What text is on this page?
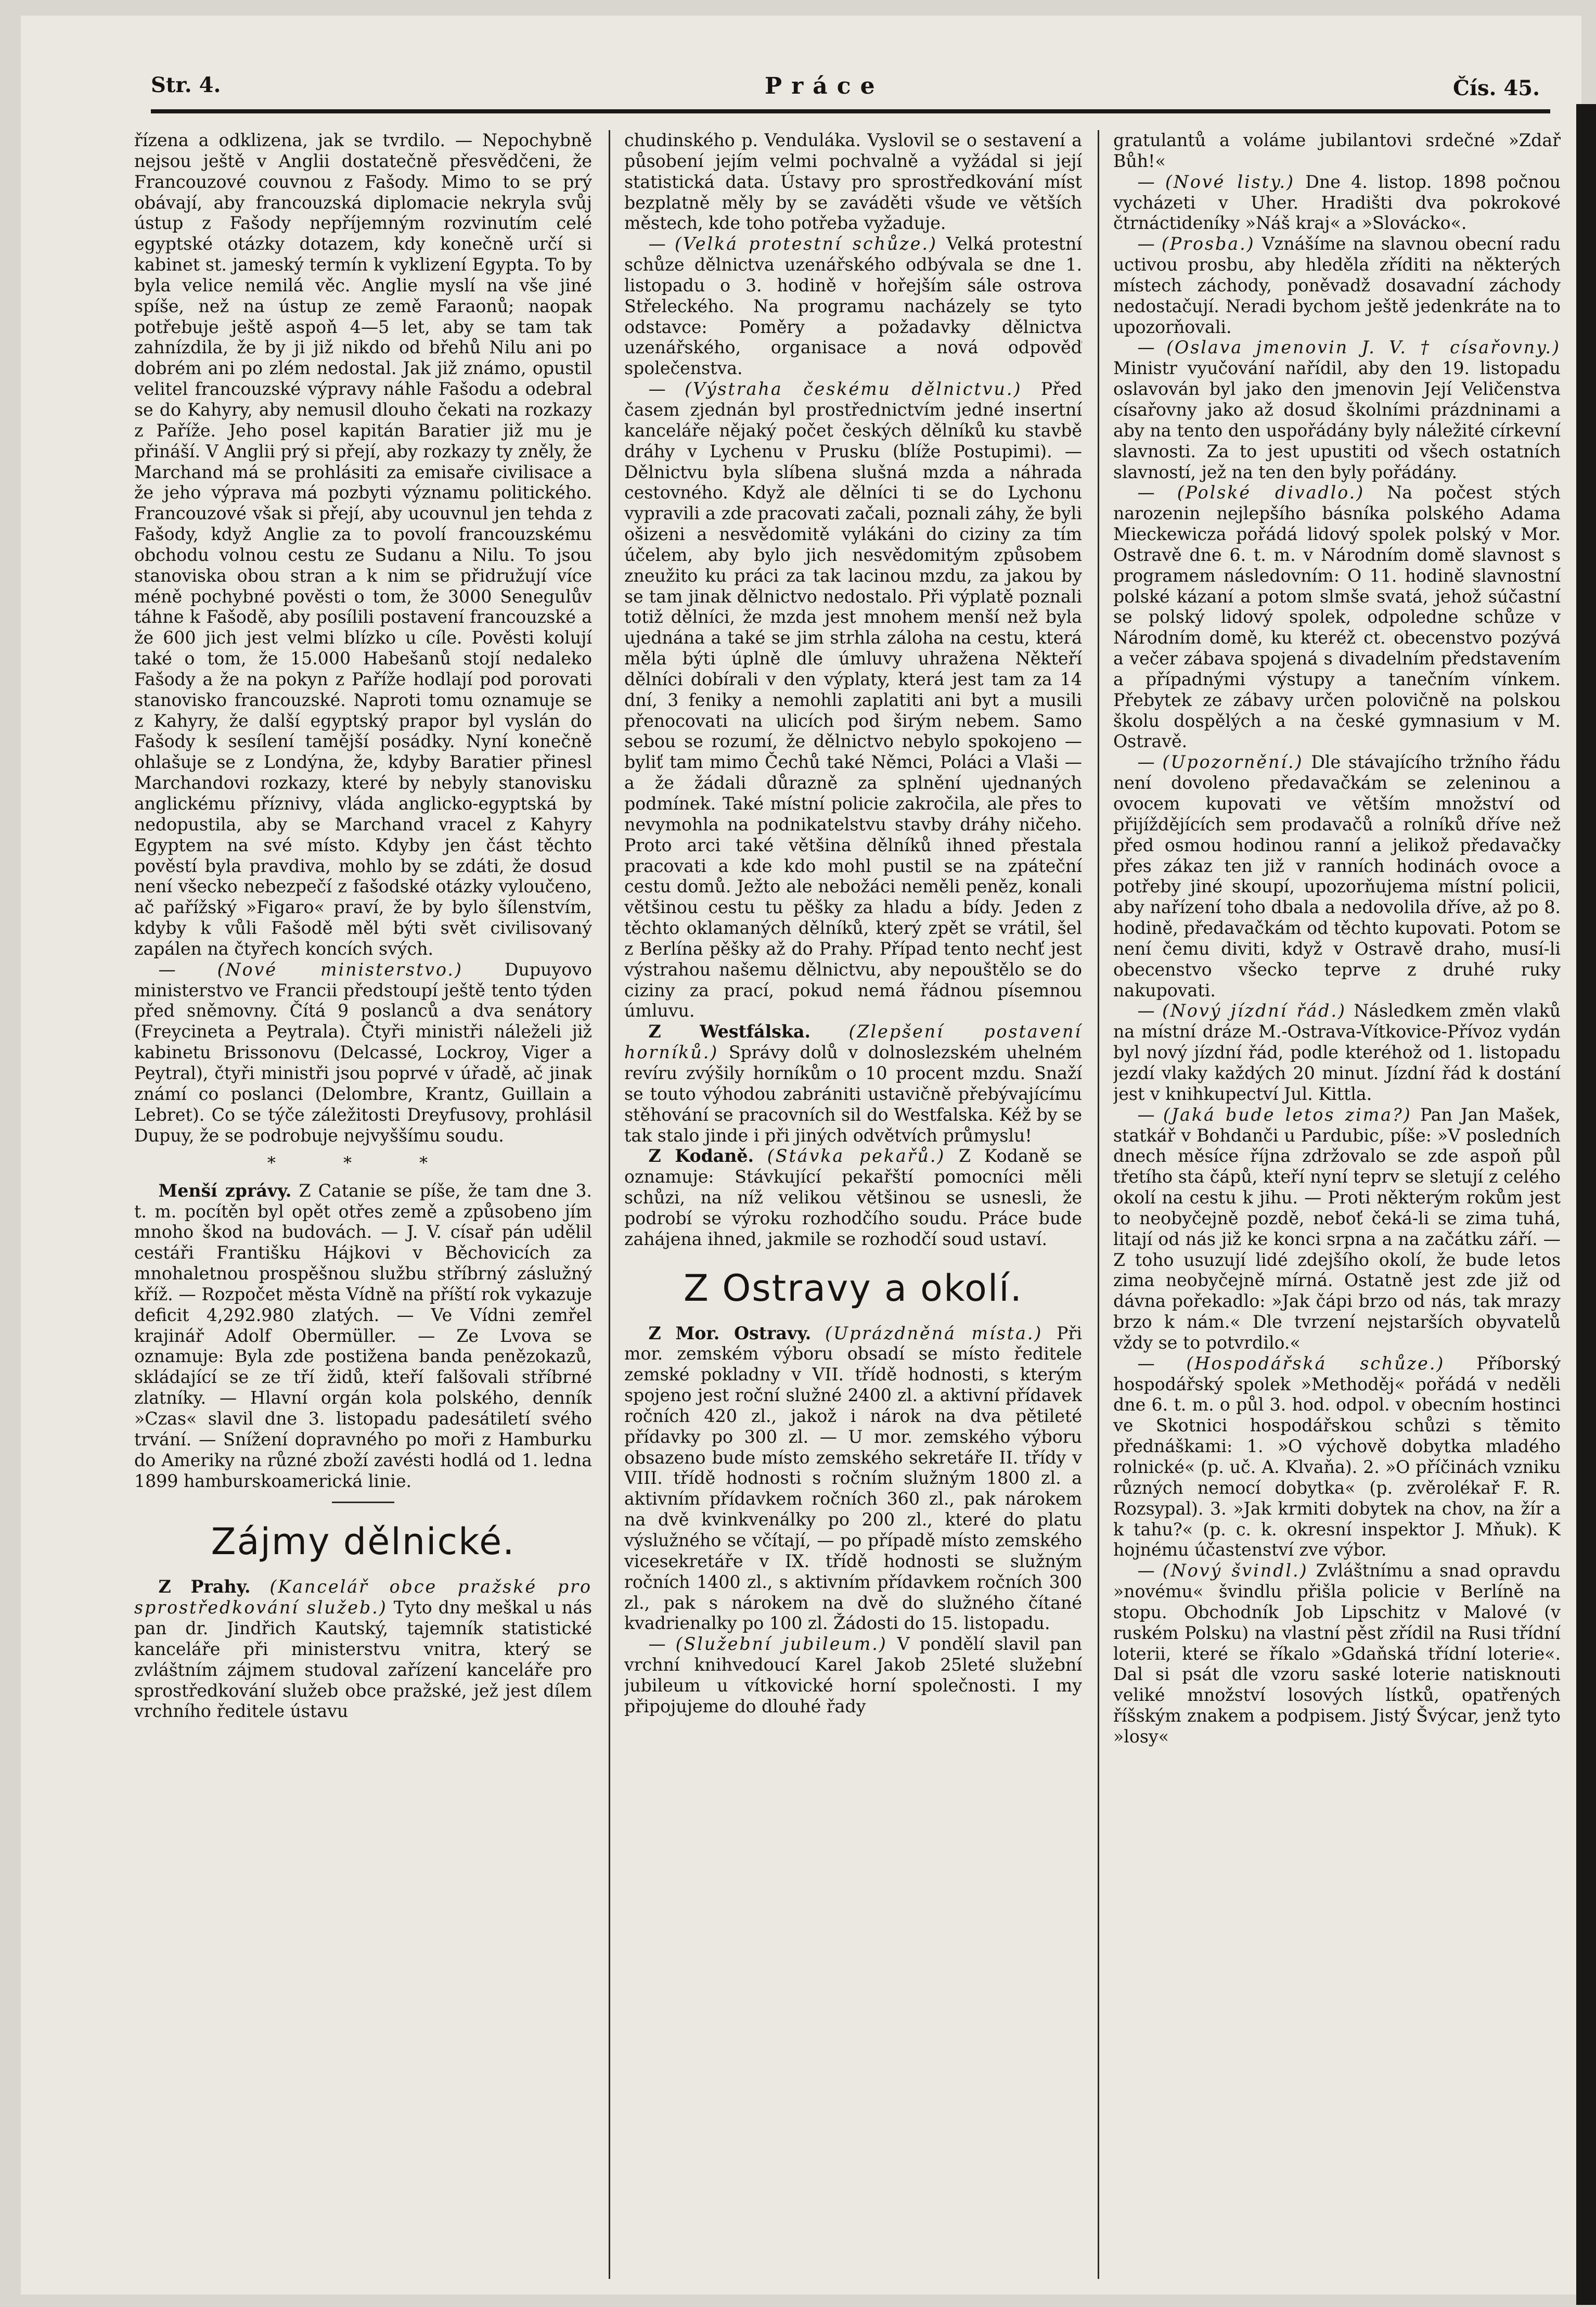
Str. 4.	Práce	Čís. 45.

řízena a odklizena, jak se tvrdilo. — Nepochybně nejsou ještě v Anglii dostatečně přesvědčeni, že Francouzové couvnou z Fašody. Mimo to se prý obávají, aby francouzská diplomacie nekryla svůj ústup z Fašody nepříjemným rozvinutím celé egyptské otázky dotazem, kdy konečně určí si kabinet st. jameský termín k vyklizení Egypta. To by byla velice nemilá věc. Anglie myslí na vše jiné spíše, než na ústup ze země Faraonů; naopak potřebuje ještě aspoň 4—5 let, aby se tam tak zahnízdila, že by ji již nikdo od břehů Nilu ani po dobrém ani po zlém nedostal. Jak již známo, opustil velitel francouzské výpravy náhle Fašodu a odebral se do Kahyry, aby nemusil dlouho čekati na rozkazy z Paříže. Jeho posel kapitán Baratier již mu je přináší. V Anglii prý si přejí, aby rozkazy ty zněly, že Marchand má se prohlásiti za emisaře civilisace a že jeho výprava má pozbyti významu politického. Francouzové však si přejí, aby ucouvnul jen tehda z Fašody, když Anglie za to povolí francouzskému obchodu volnou cestu ze Sudanu a Nilu. To jsou stanoviska obou stran a k nim se přidružují více méně pochybné pověsti o tom, že 3000 Senegulův táhne k Fašodě, aby posílili postavení francouzské a že 600 jich jest velmi blízko u cíle. Pověsti kolují také o tom, že 15.000 Habešanů stojí nedaleko Fašody a že na pokyn z Paříže hodlají pod porovati stanovisko francouzské. Naproti tomu oznamuje se z Kahyry, že další egyptský prapor byl vyslán do Fašody k sesílení tamější posádky. Nyní konečně ohlašuje se z Londýna, že, kdyby Baratier přinesl Marchandovi rozkazy, které by nebyly stanovisku anglickému příznivy, vláda anglicko-egyptská by nedopustila, aby se Marchand vracel z Kahyry Egyptem na své místo. Kdyby jen část těchto pověstí byla pravdiva, mohlo by se zdáti, že dosud není všecko nebezpečí z fašodské otázky vyloučeno, ač pařížský »Figaro« praví, že by bylo šílenstvím, kdyby k vůli Fašodě měl býti svět civilisovaný zapálen na čtyřech koncích svých.

— (Nové ministerstvo.) Dupuyovo ministerstvo ve Francii předstoupí ještě tento týden před sněmovny. Čítá 9 poslanců a dva senátory (Freycineta a Peytrala). Čtyři ministři náleželi již kabinetu Brissonovu (Delcassé, Lockroy, Viger a Peytral), čtyři ministři jsou poprvé v úřadě, ač jinak známí co poslanci (Delombre, Krantz, Guillain a Lebret). Co se týče záležitosti Dreyfusovy, prohlásil Dupuy, že se podrobuje nejvyššímu soudu.

* * *

Menší zprávy. Z Catanie se píše, že tam dne 3. t. m. pocítěn byl opět otřes země a způsobeno jím mnoho škod na budovách. — J. V. císař pán udělil cestáři Františku Hájkovi v Běchovicích za mnohaletnou prospěšnou službu stříbrný záslužný kříž. — Rozpočet města Vídně na příští rok vykazuje deficit 4,292.980 zlatých. — Ve Vídni zemřel krajinář Adolf Obermüller. — Ze Lvova se oznamuje: Byla zde postižena banda penězokazů, skládající se ze tří židů, kteří falšovali stříbrné zlatníky. — Hlavní orgán kola polského, denník »Czas« slavil dne 3. listopadu padesátiletí svého trvání. — Snížení dopravného po moři z Hamburku do Ameriky na různé zboží zavésti hodlá od 1. ledna 1899 hamburskoamerická linie.

Zájmy dělnické.

Z Prahy. (Kancelář obce pražské pro sprostředkování služeb.) Tyto dny meškal u nás pan dr. Jindřich Kautský, tajemník statistické kanceláře při ministerstvu vnitra, který se zvláštním zájmem studoval zařízení kanceláře pro sprostředkování služeb obce pražské, jež jest dílem vrchního ředitele ústavu

chudinského p. Venduláka. Vyslovil se o sestavení a působení jejím velmi pochvalně a vyžádal si její statistická data. Ústavy pro sprostředkování míst bezplatně měly by se zaváděti všude ve větších městech, kde toho potřeba vyžaduje.

— (Velká protestní schůze.) Velká protestní schůze dělnictva uzenářského odbývala se dne 1. listopadu o 3. hodině v hořejším sále ostrova Střeleckého. Na programu nacházely se tyto odstavce: Poměry a požadavky dělnictva uzenářského, organisace a nová odpověď společenstva.

— (Výstraha českému dělnictvu.) Před časem zjednán byl prostřednictvím jedné insertní kanceláře nějaký počet českých dělníků ku stavbě dráhy v Lychenu v Prusku (blíže Postupimi). — Dělnictvu byla slíbena slušná mzda a náhrada cestovného. Když ale dělníci ti se do Lychonu vypravili a zde pracovati začali, poznali záhy, že byli ošizeni a nesvědomitě vylákáni do ciziny za tím účelem, aby bylo jich nesvědomitým způsobem zneužito ku práci za tak lacinou mzdu, za jakou by se tam jinak dělnictvo nedostalo. Při výplatě poznali totiž dělníci, že mzda jest mnohem menší než byla ujednána a také se jim strhla záloha na cestu, která měla býti úplně dle úmluvy uhražena Někteří dělníci dobírali v den výplaty, která jest tam za 14 dní, 3 feniky a nemohli zaplatiti ani byt a musili přenocovati na ulicích pod širým nebem. Samo sebou se rozumí, že dělnictvo nebylo spokojeno — byliť tam mimo Čechů také Němci, Poláci a Vlaši — a že žádali důrazně za splnění ujednaných podmínek. Také místní policie zakročila, ale přes to nevymohla na podnikatelstvu stavby dráhy ničeho. Proto arci také většina dělníků ihned přestala pracovati a kde kdo mohl pustil se na zpáteční cestu domů. Ježto ale nebožáci neměli peněz, konali většinou cestu tu pěšky za hladu a bídy. Jeden z těchto oklamaných dělníků, který zpět se vrátil, šel z Berlína pěšky až do Prahy. Případ tento nechť jest výstrahou našemu dělnictvu, aby nepouštělo se do ciziny za prací, pokud nemá řádnou písemnou úmluvu.

Z Westfálska. (Zlepšení postavení horníků.) Správy dolů v dolnoslezském uhelném revíru zvýšily horníkům o 10 procent mzdu. Snaží se touto výhodou zabrániti ustavičně přebývajícímu stěhování se pracovních sil do Westfalska. Kéž by se tak stalo jinde i při jiných odvětvích průmyslu!

Z Kodaně. (Stávka pekařů.) Z Kodaně se oznamuje: Stávkující pekařští pomocníci měli schůzi, na níž velikou většinou se usnesli, že podrobí se výroku rozhodčího soudu. Práce bude zahájena ihned, jakmile se rozhodčí soud ustaví.

Z Ostravy a okolí.

Z Mor. Ostravy. (Uprázdněná místa.) Při mor. zemském výboru obsadí se místo ředitele zemské pokladny v VII. třídě hodnosti, s kterým spojeno jest roční služné 2400 zl. a aktivní přídavek ročních 420 zl., jakož i nárok na dva pětileté přídavky po 300 zl. — U mor. zemského výboru obsazeno bude místo zemského sekretáře II. třídy v VIII. třídě hodnosti s ročním služným 1800 zl. a aktivním přídavkem ročních 360 zl., pak nárokem na dvě kvinkvenálky po 200 zl., které do platu výslužného se včítají, — po případě místo zemského vicesekretáře v IX. třídě hodnosti se služným ročních 1400 zl., s aktivním přídavkem ročních 300 zl., pak s nárokem na dvě do služného čítané kvadrienalky po 100 zl. Žádosti do 15. listopadu.

— (Služební jubileum.) V pondělí slavil pan vrchní knihvedoucí Karel Jakob 25leté služební jubileum u vítkovické horní společnosti. I my připojujeme do dlouhé řady

gratulantů a voláme jubilantovi srdečné »Zdař Bůh!«

— (Nové listy.) Dne 4. listop. 1898 počnou vycházeti v Uher. Hradišti dva pokrokové čtrnáctideníky »Náš kraj« a »Slovácko«.

— (Prosba.) Vznášíme na slavnou obecní radu uctivou prosbu, aby hleděla zříditi na některých místech záchody, poněvadž dosavadní záchody nedostačují. Neradi bychom ještě jedenkráte na to upozorňovali.

— (Oslava jmenovin J. V. † císařovny.) Ministr vyučování nařídil, aby den 19. listopadu oslavován byl jako den jmenovin Její Veličenstva císařovny jako až dosud školními prázdninami a aby na tento den uspořádány byly náležité církevní slavnosti. Za to jest upustiti od všech ostatních slavností, jež na ten den byly pořádány.

— (Polské divadlo.) Na počest stých narozenin nejlepšího básníka polského Adama Mieckewicza pořádá lidový spolek polský v Mor. Ostravě dne 6. t. m. v Národním domě slavnost s programem následovním: O 11. hodině slavnostní polské kázaní a potom slmše svatá, jehož súčastní se polský lidový spolek, odpoledne schůze v Národním domě, ku kteréž ct. obecenstvo pozývá a večer zábava spojená s divadelním představením a případnými výstupy a tanečním vínkem. Přebytek ze zábavy určen polovičně na polskou školu dospělých a na české gymnasium v M. Ostravě.

— (Upozornění.) Dle stávajícího tržního řádu není dovoleno předavačkám se zeleninou a ovocem kupovati ve větším množství od přijíždějících sem prodavačů a rolníků dříve než před osmou hodinou ranní a jelikož předavačky přes zákaz ten již v ranních hodinách ovoce a potřeby jiné skoupí, upozorňujema místní policii, aby nařízení toho dbala a nedovolila dříve, až po 8. hodině, předavačkám od těchto kupovati. Potom se není čemu diviti, když v Ostravě draho, musí-li obecenstvo všecko teprve z druhé ruky nakupovati.

— (Nový jízdní řád.) Následkem změn vlaků na místní dráze M.-Ostrava-Vítkovice-Přívoz vydán byl nový jízdní řád, podle kteréhož od 1. listopadu jezdí vlaky každých 20 minut. Jízdní řád k dostání jest v knihkupectví Jul. Kittla.

— (Jaká bude letos zima?) Pan Jan Mašek, statkář v Bohdanči u Pardubic, píše: »V posledních dnech měsíce října zdržovalo se zde aspoň půl třetího sta čápů, kteří nyní teprv se sletují z celého okolí na cestu k jihu. — Proti některým rokům jest to neobyčejně pozdě, neboť čeká-li se zima tuhá, litají od nás již ke konci srpna a na začátku září. — Z toho usuzují lidé zdejšího okolí, že bude letos zima neobyčejně mírná. Ostatně jest zde již od dávna pořekadlo: »Jak čápi brzo od nás, tak mrazy brzo k nám.« Dle tvrzení nejstarších obyvatelů vždy se to potvrdilo.«

— (Hospodářská schůze.) Příborský hospodářský spolek »Methoděj« pořádá v neděli dne 6. t. m. o půl 3. hod. odpol. v obecním hostinci ve Skotnici hospodářskou schůzi s těmito přednáškami: 1. »O výchově dobytka mladého rolnické« (p. uč. A. Klvaňa). 2. »O příčinách vzniku různých nemocí dobytka« (p. zvěrolékař F. R. Rozsypal). 3. »Jak krmiti dobytek na chov, na žír a k tahu?« (p. c. k. okresní inspektor J. Mňuk). K hojnému účastenství zve výbor.

— (Nový švindl.) Zvláštnímu a snad opravdu »novému« švindlu přišla policie v Berlíně na stopu. Obchodník Job Lipschitz v Malové (v ruském Polsku) na vlastní pěst zřídil na Rusi třídní loterii, které se říkalo »Gdaňská třídní loterie«. Dal si psát dle vzoru saské loterie natisknouti veliké množství losových lístků, opatřených říšským znakem a podpisem. Jistý Švýcar, jenž tyto »losy«
